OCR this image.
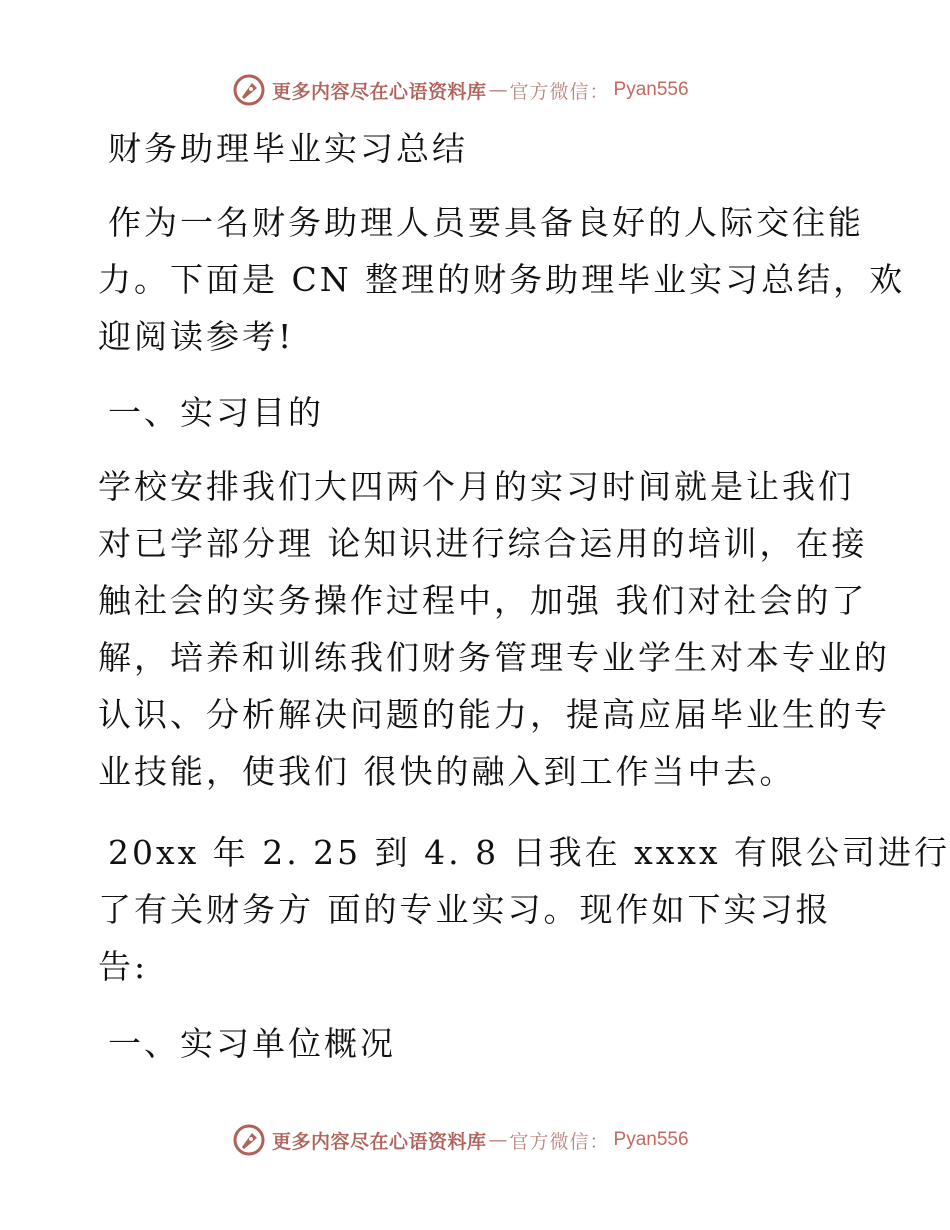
更多内容尽在心语资料库 — 官方微信： Pyan556

财务助理毕业实习总结

作为一名财务助理人员要具备良好的人际交往能
力。下面是 CN 整理的财务助理毕业实习总结，欢
迎阅读参考!

一、实习目的

学校安排我们大四两个月的实习时间就是让我们
对已学部分理 论知识进行综合运用的培训，在接
触社会的实务操作过程中，加强 我们对社会的了
解，培养和训练我们财务管理专业学生对本专业的
认识、分析解决问题的能力，提高应届毕业生的专
业技能，使我们 很快的融入到工作当中去。
20xx 年 2. 25 到 4. 8 日我在 xxxx 有限公司进行
了有关财务方 面的专业实习。现作如下实习报
告:

一、实习单位概况

更多内容尽在心语资料库 — 官方微信： Pyan556
